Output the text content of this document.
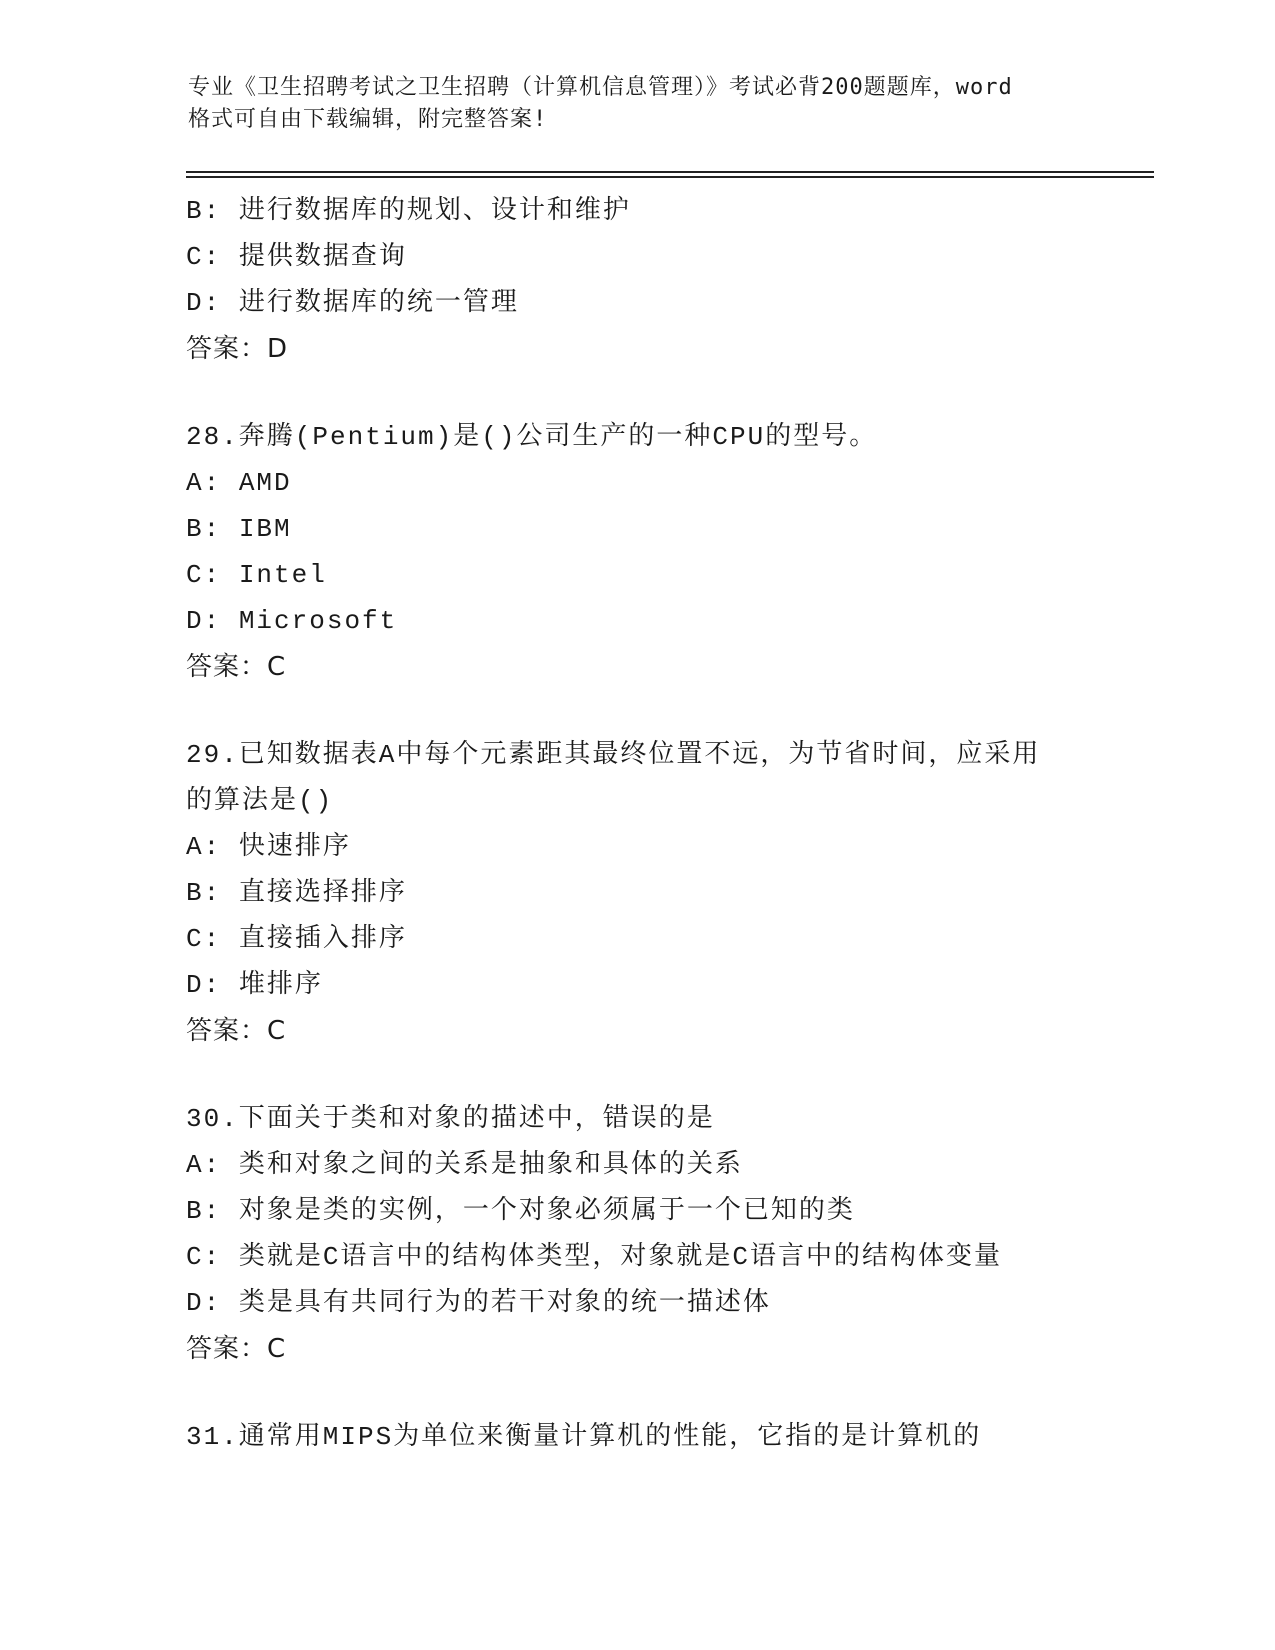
专业《卫生招聘考试之卫生招聘（计算机信息管理）》考试必背200题题库，word
格式可自由下载编辑，附完整答案!
B: 进行数据库的规划、设计和维护
C: 提供数据查询
D: 进行数据库的统一管理
答案：D
28.奔腾(Pentium)是()公司生产的一种CPU的型号。
A: AMD
B: IBM
C: Intel
D: Microsoft
答案：C
29.已知数据表A中每个元素距其最终位置不远，为节省时间，应采用
的算法是()
A: 快速排序
B: 直接选择排序
C: 直接插入排序
D: 堆排序
答案：C
30.下面关于类和对象的描述中，错误的是
A: 类和对象之间的关系是抽象和具体的关系
B: 对象是类的实例，一个对象必须属于一个已知的类
C: 类就是C语言中的结构体类型，对象就是C语言中的结构体变量
D: 类是具有共同行为的若干对象的统一描述体
答案：C
31.通常用MIPS为单位来衡量计算机的性能，它指的是计算机的
